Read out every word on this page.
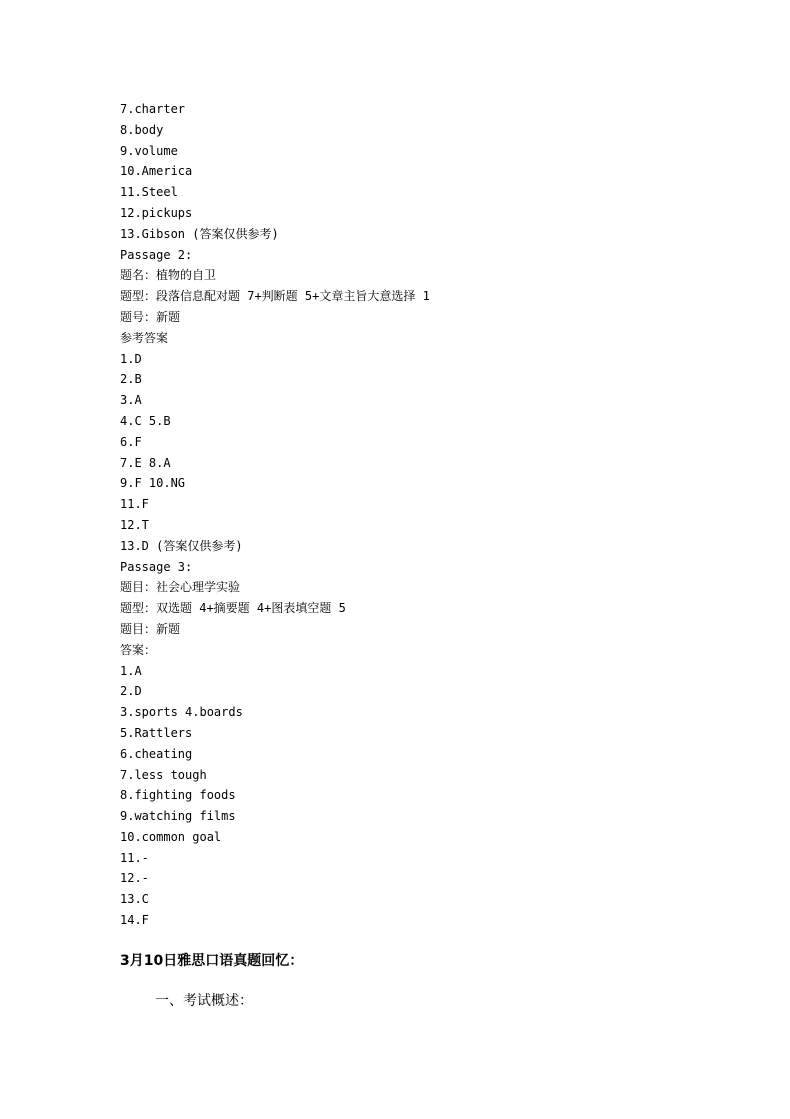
7.charter
8.body
9.volume
10.America
11.Steel
12.pickups
13.Gibson (答案仅供参考)
Passage 2:
题名：植物的自卫
题型：段落信息配对题 7+判断题 5+文章主旨大意选择 1
题号：新题
参考答案
1.D
2.B
3.A
4.C 5.B
6.F
7.E 8.A
9.F 10.NG
11.F
12.T
13.D (答案仅供参考)
Passage 3:
题目：社会心理学实验
题型：双选题 4+摘要题 4+图表填空题 5
题目：新题
答案：
1.A
2.D
3.sports 4.boards
5.Rattlers
6.cheating
7.less tough
8.fighting foods
9.watching films
10.common goal
11.-
12.-
13.C
14.F
3月10日雅思口语真题回忆：
一、考试概述：
